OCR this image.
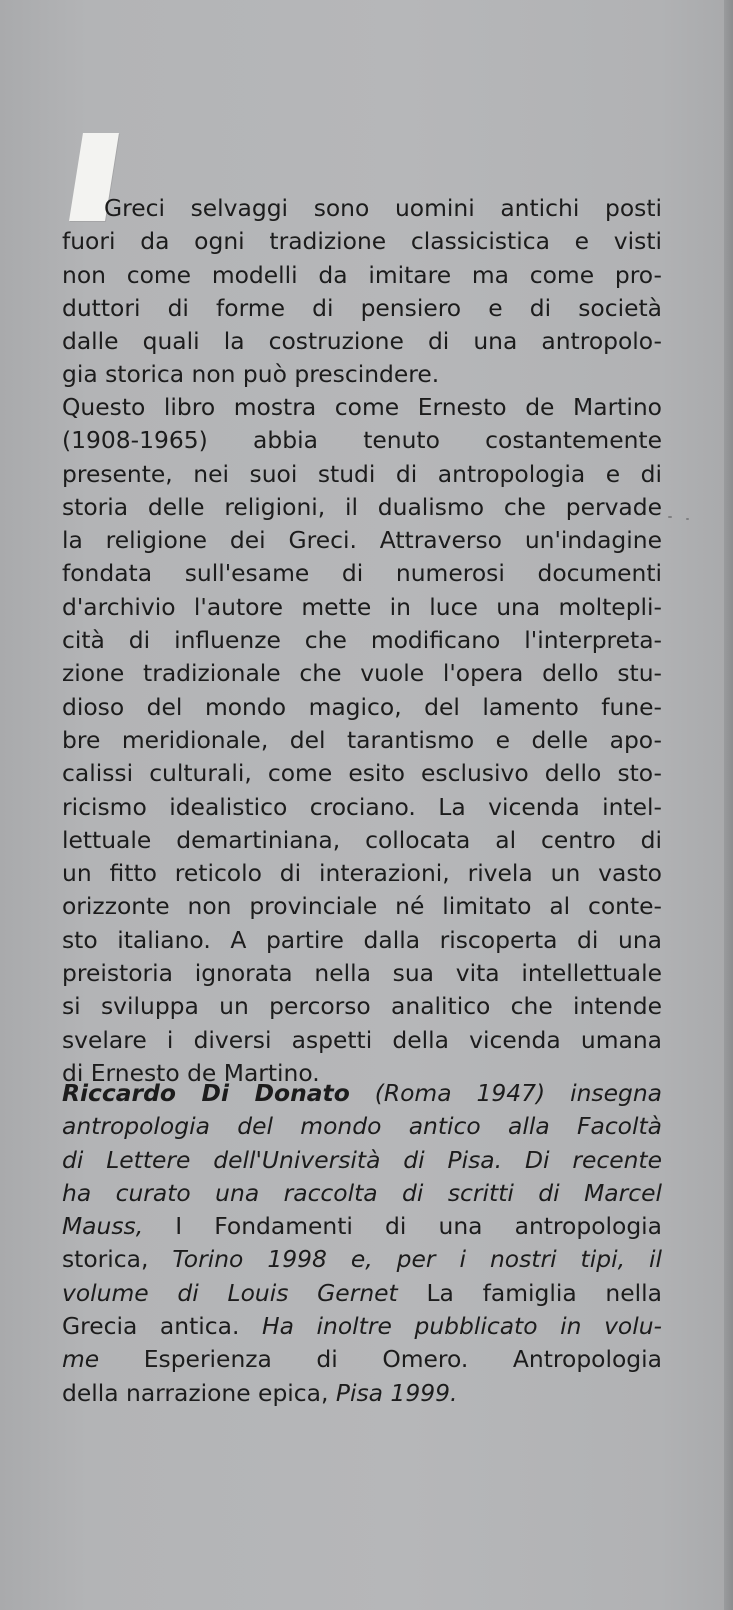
Greci selvaggi sono uomini antichi posti

fuori da ogni tradizione classicistica e visti

non come modelli da imitare ma come pro-

duttori di forme di pensiero e di società

dalle quali la costruzione di una antropolo-

gia storica non può prescindere.

Questo libro mostra come Ernesto de Martino

(1908-1965) abbia tenuto costantemente

presente, nei suoi studi di antropologia e di

storia delle religioni, il dualismo che pervade

la religione dei Greci. Attraverso un'indagine

fondata sull'esame di numerosi documenti

d'archivio l'autore mette in luce una moltepli-

cità di influenze che modificano l'interpreta-

zione tradizionale che vuole l'opera dello stu-

dioso del mondo magico, del lamento fune-

bre meridionale, del tarantismo e delle apo-

calissi culturali, come esito esclusivo dello sto-

ricismo idealistico crociano. La vicenda intel-

lettuale demartiniana, collocata al centro di

un fitto reticolo di interazioni, rivela un vasto

orizzonte non provinciale né limitato al conte-

sto italiano. A partire dalla riscoperta di una

preistoria ignorata nella sua vita intellettuale

si sviluppa un percorso analitico che intende

svelare i diversi aspetti della vicenda umana

di Ernesto de Martino.

Riccardo Di Donato (Roma 1947) insegna

antropologia del mondo antico alla Facoltà

di Lettere dell'Università di Pisa. Di recente

ha curato una raccolta di scritti di Marcel

Mauss, I Fondamenti di una antropologia

storica, Torino 1998 e, per i nostri tipi, il

volume di Louis Gernet La famiglia nella

Grecia antica. Ha inoltre pubblicato in volu-

me Esperienza di Omero. Antropologia

della narrazione epica, Pisa 1999.
